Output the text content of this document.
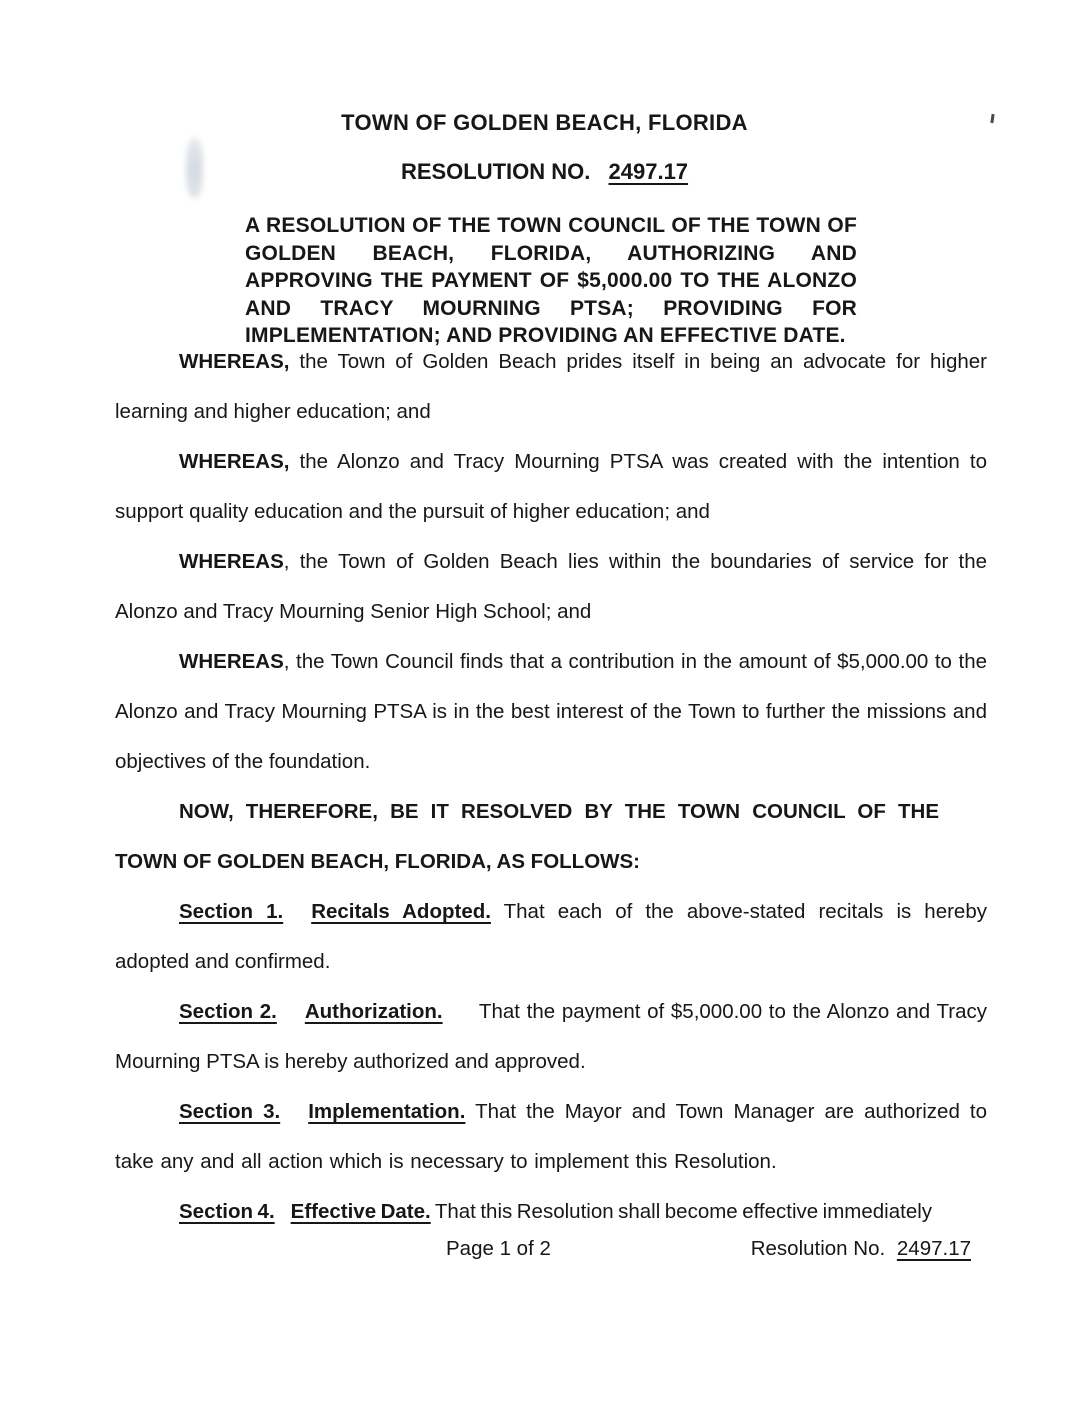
TOWN OF GOLDEN BEACH, FLORIDA
RESOLUTION NO. 2497.17
A RESOLUTION OF THE TOWN COUNCIL OF THE TOWN OF GOLDEN BEACH, FLORIDA, AUTHORIZING AND APPROVING THE PAYMENT OF $5,000.00 TO THE ALONZO AND TRACY MOURNING PTSA; PROVIDING FOR IMPLEMENTATION; AND PROVIDING AN EFFECTIVE DATE.

WHEREAS, the Town of Golden Beach prides itself in being an advocate for higher learning and higher education; and

WHEREAS, the Alonzo and Tracy Mourning PTSA was created with the intention to support quality education and the pursuit of higher education; and

WHEREAS, the Town of Golden Beach lies within the boundaries of service for the Alonzo and Tracy Mourning Senior High School; and

WHEREAS, the Town Council finds that a contribution in the amount of $5,000.00 to the Alonzo and Tracy Mourning PTSA is in the best interest of the Town to further the missions and objectives of the foundation.

NOW, THEREFORE, BE IT RESOLVED BY THE TOWN COUNCIL OF THE TOWN OF GOLDEN BEACH, FLORIDA, AS FOLLOWS:

Section 1. Recitals Adopted. That each of the above-stated recitals is hereby adopted and confirmed.

Section 2. Authorization. That the payment of $5,000.00 to the Alonzo and Tracy Mourning PTSA is hereby authorized and approved.

Section 3. Implementation. That the Mayor and Town Manager are authorized to take any and all action which is necessary to implement this Resolution.

Section 4. Effective Date. That this Resolution shall become effective immediately

Page 1 of 2	Resolution No. 2497.17
